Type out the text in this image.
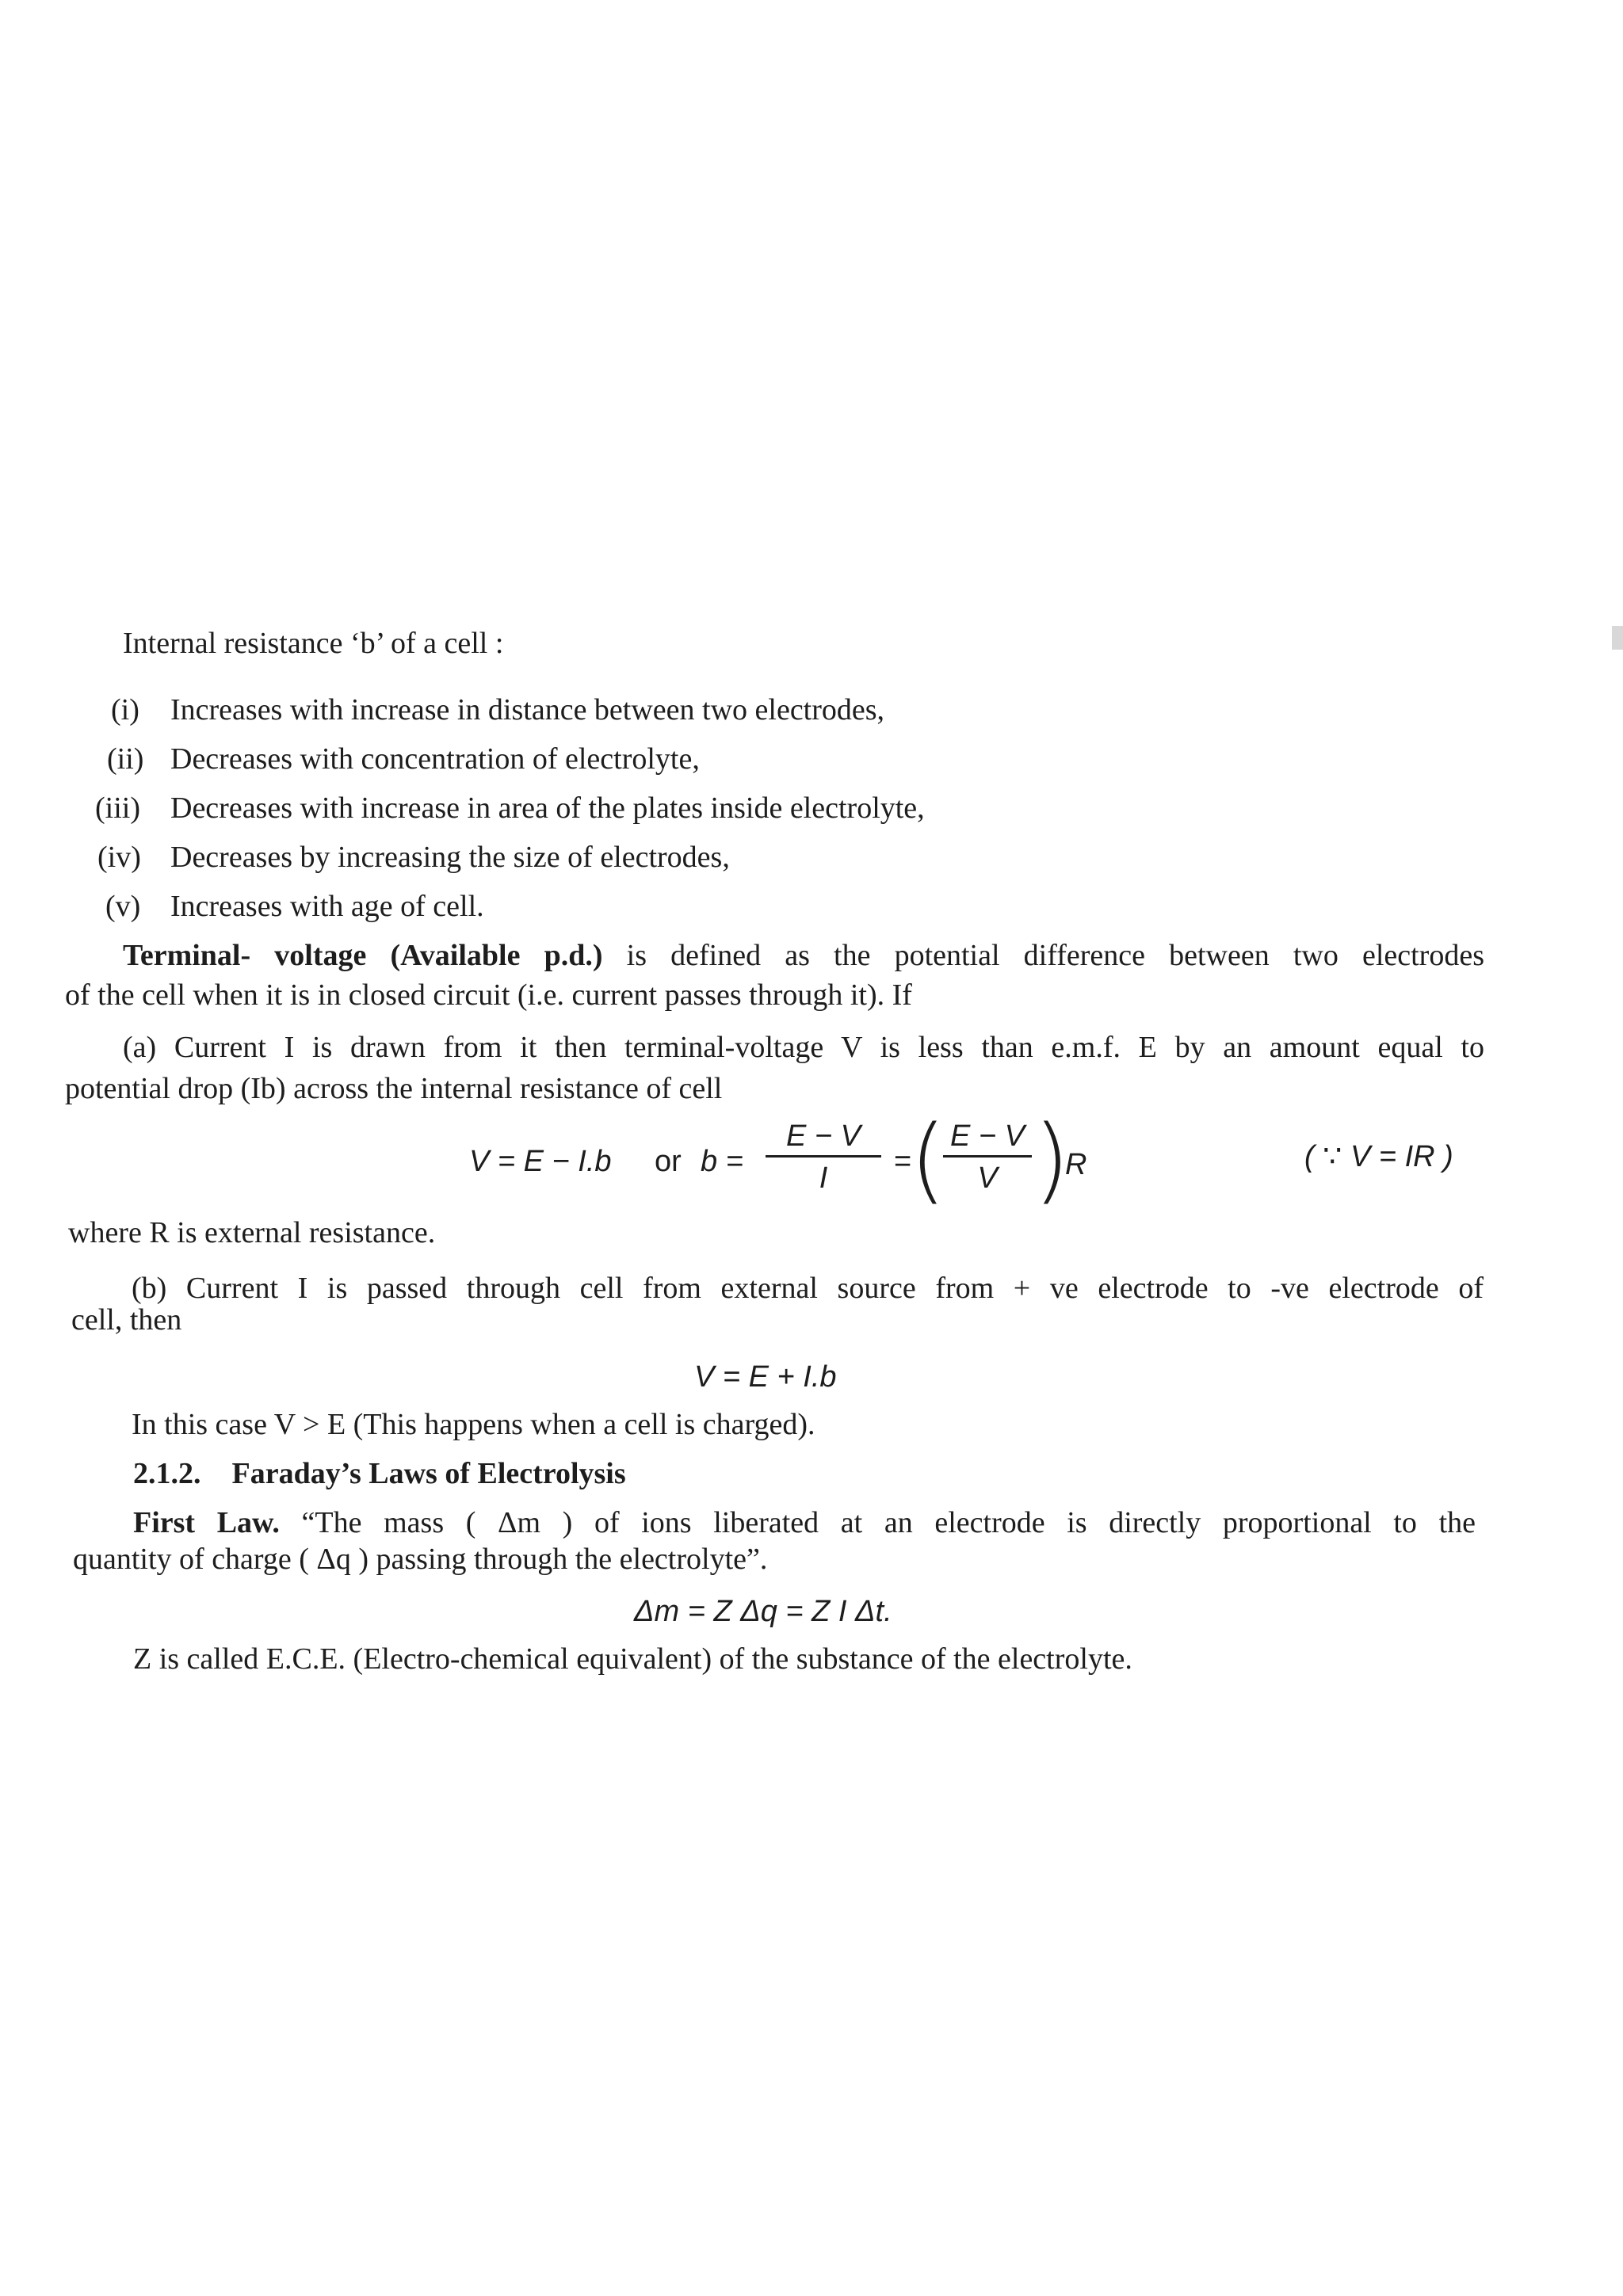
Internal resistance ‘b’ of a cell :
(i) Increases with increase in distance between two electrodes,
(ii) Decreases with concentration of electrolyte,
(iii) Decreases with increase in area of the plates inside electrolyte,
(iv) Decreases by increasing the size of electrodes,
(v) Increases with age of cell.
Terminal- voltage (Available p.d.) is defined as the potential difference between two electrodes
of the cell when it is in closed circuit (i.e. current passes through it). If
(a) Current I is drawn from it then terminal-voltage V is less than e.m.f. E by an amount equal to
potential drop (Ib) across the internal resistance of cell
V = E − I.b or b =
E − V
I	=
( E − V
V )
R	( ∵ V = IR )
where R is external resistance.
(b) Current I is passed through cell from external source from + ve electrode to -ve electrode of
cell, then
V = E + I.b
In this case V > E (This happens when a cell is charged).
2.1.2. Faraday’s Laws of Electrolysis
First Law. “The mass ( Δm ) of ions liberated at an electrode is directly proportional to the
quantity of charge ( Δq ) passing through the electrolyte”.
Δm = Z Δq = Z I Δt.
Z is called E.C.E. (Electro-chemical equivalent) of the substance of the electrolyte.
